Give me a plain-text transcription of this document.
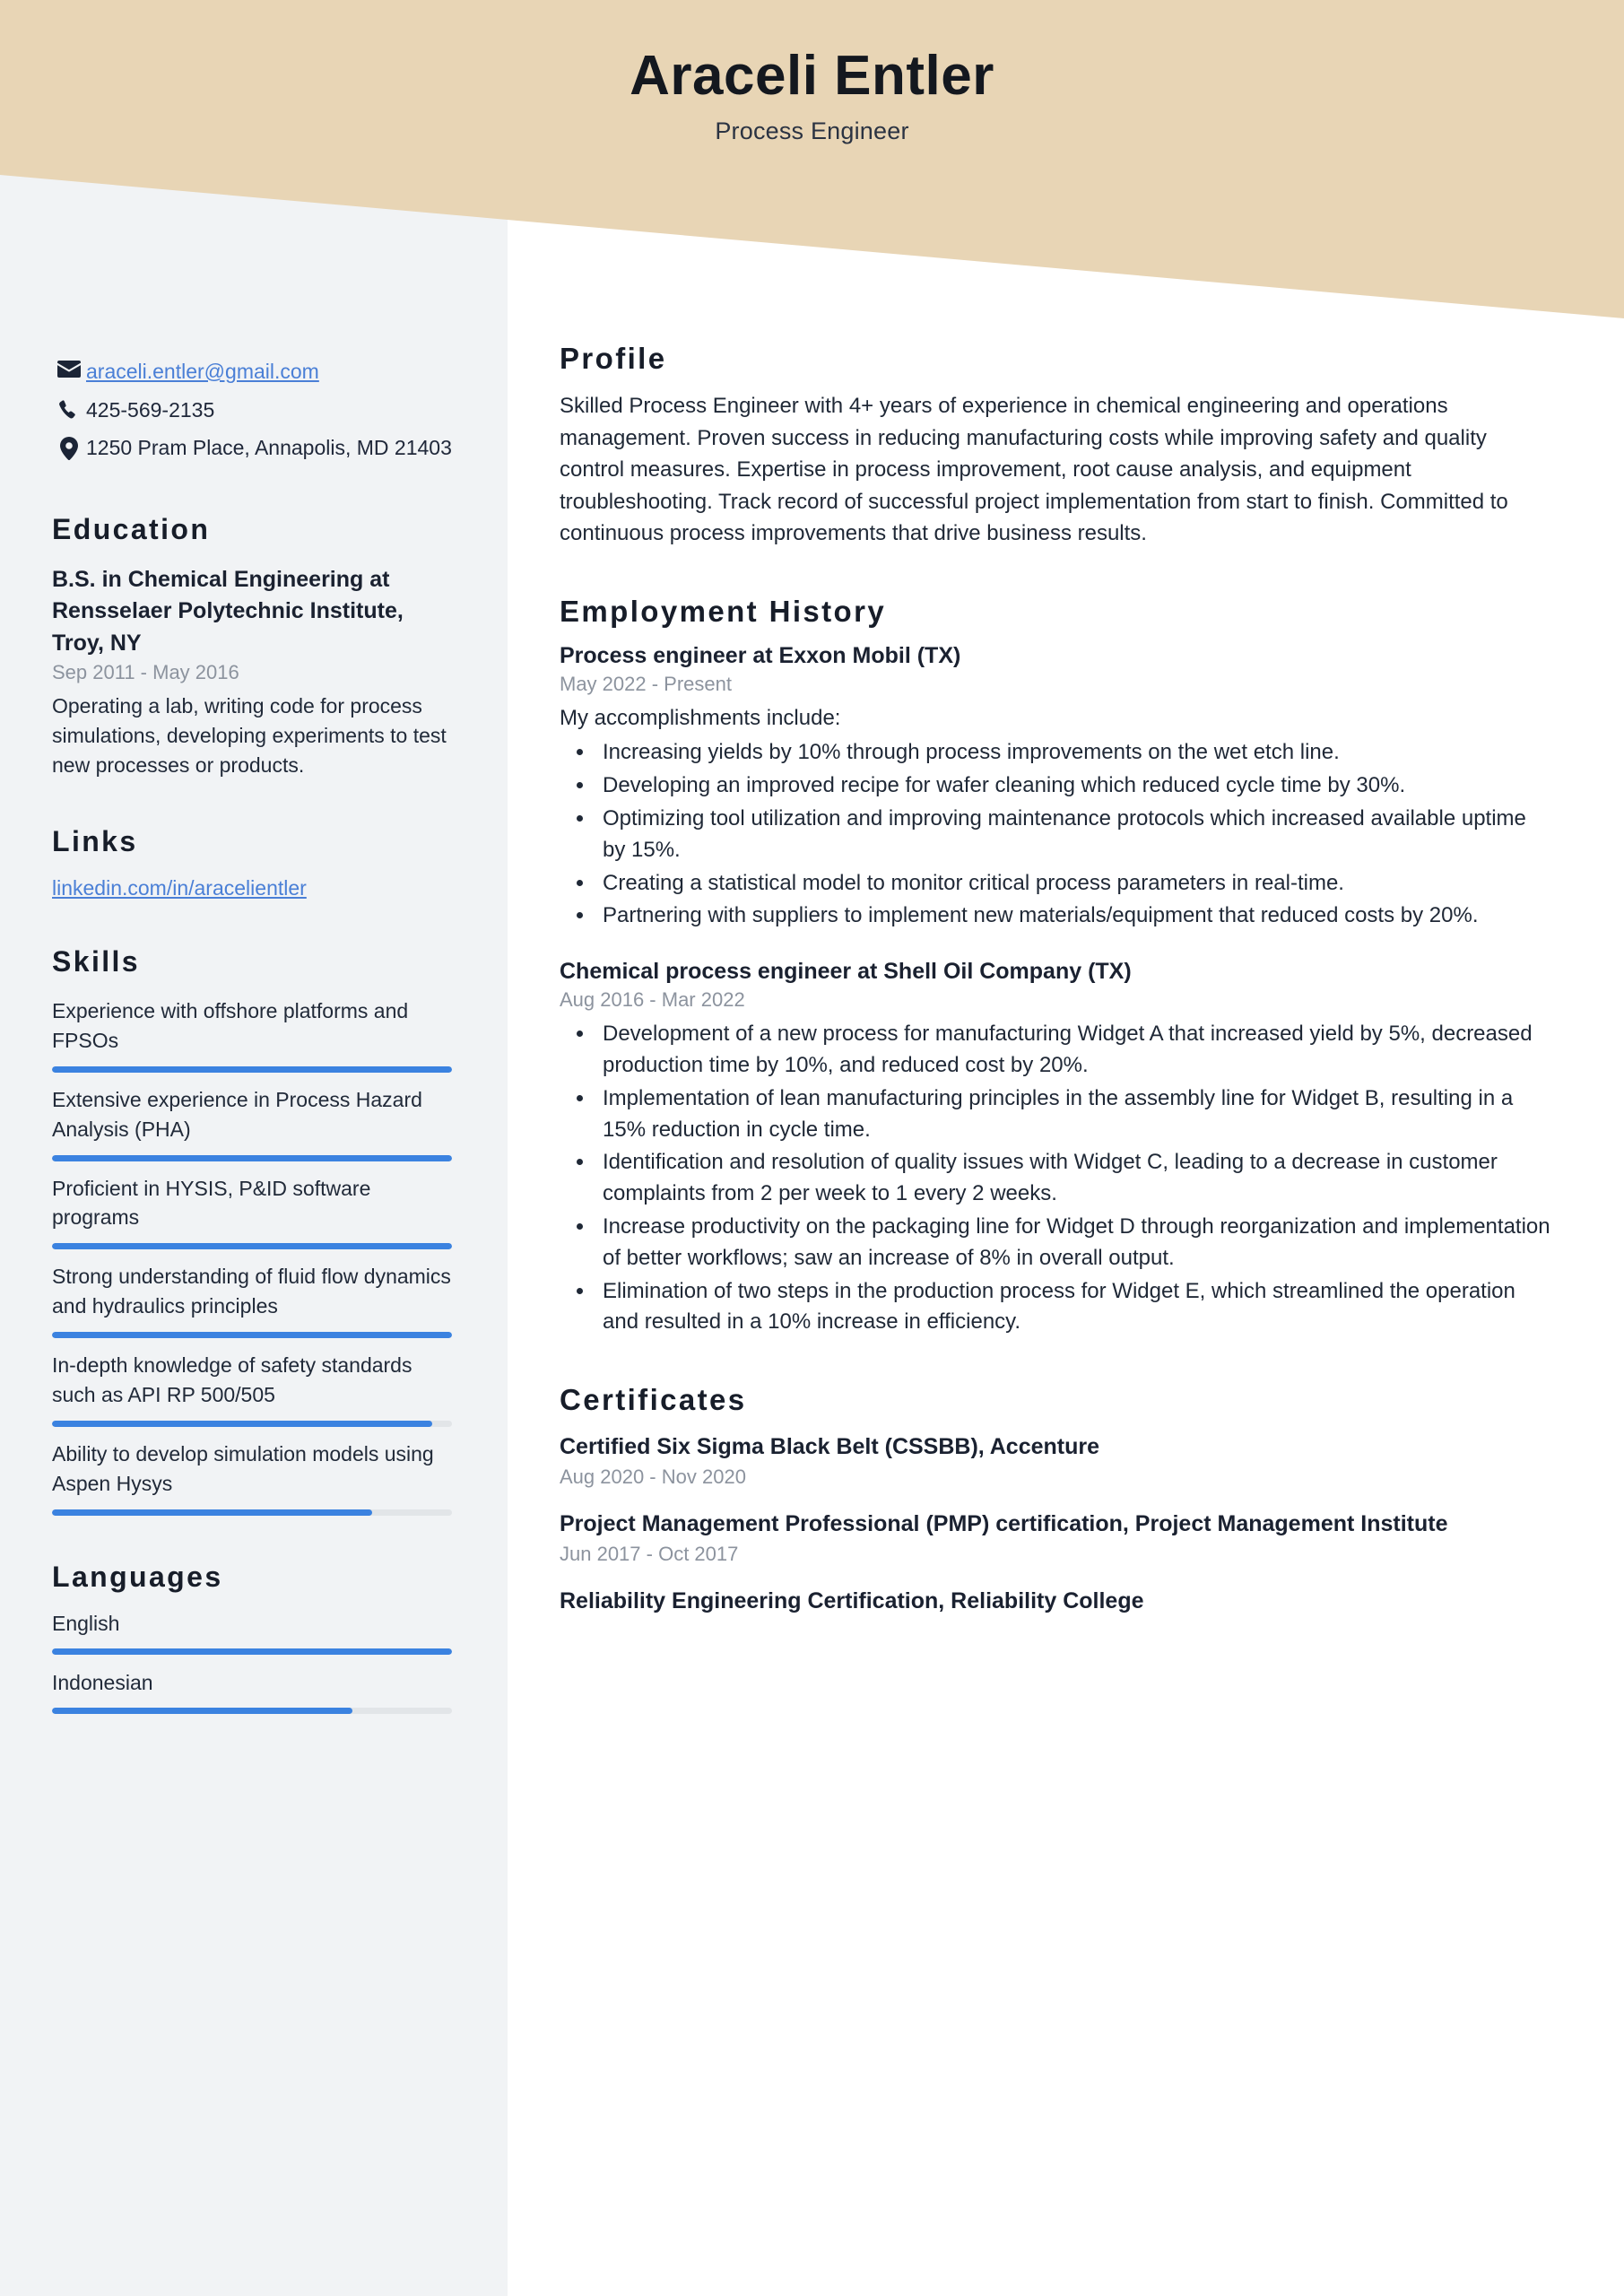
Araceli Entler

Process Engineer

araceli.entler@gmail.com
425-569-2135
1250 Pram Place, Annapolis, MD 21403
Education

B.S. in Chemical Engineering at Rensselaer Polytechnic Institute, Troy, NY

Sep 2011 - May 2016

Operating a lab, writing code for process simulations, developing experiments to test new processes or products.

Links
linkedin.com/in/aracelientler
Skills
Experience with offshore platforms and FPSOs
Extensive experience in Process Hazard Analysis (PHA)
Proficient in HYSIS, P&ID software programs
Strong understanding of fluid flow dynamics and hydraulics principles
In-depth knowledge of safety standards such as API RP 500/505
Ability to develop simulation models using Aspen Hysys
Languages
English
Indonesian
Profile

Skilled Process Engineer with 4+ years of experience in chemical engineering and operations management. Proven success in reducing manufacturing costs while improving safety and quality control measures. Expertise in process improvement, root cause analysis, and equipment troubleshooting. Track record of successful project implementation from start to finish. Committed to continuous process improvements that drive business results.

Employment History

Process engineer at Exxon Mobil (TX)

May 2022 - Present

My accomplishments include:

• Increasing yields by 10% through process improvements on the wet etch line.
• Developing an improved recipe for wafer cleaning which reduced cycle time by 30%.
• Optimizing tool utilization and improving maintenance protocols which increased available uptime by 15%.
• Creating a statistical model to monitor critical process parameters in real-time.
• Partnering with suppliers to implement new materials/equipment that reduced costs by 20%.

Chemical process engineer at Shell Oil Company (TX)

Aug 2016 - Mar 2022

• Development of a new process for manufacturing Widget A that increased yield by 5%, decreased production time by 10%, and reduced cost by 20%.
• Implementation of lean manufacturing principles in the assembly line for Widget B, resulting in a 15% reduction in cycle time.
• Identification and resolution of quality issues with Widget C, leading to a decrease in customer complaints from 2 per week to 1 every 2 weeks.
• Increase productivity on the packaging line for Widget D through reorganization and implementation of better workflows; saw an increase of 8% in overall output.
• Elimination of two steps in the production process for Widget E, which streamlined the operation and resulted in a 10% increase in efficiency.
Certificates

Certified Six Sigma Black Belt (CSSBB), Accenture

Aug 2020 - Nov 2020

Project Management Professional (PMP) certification, Project Management Institute

Jun 2017 - Oct 2017

Reliability Engineering Certification, Reliability College
